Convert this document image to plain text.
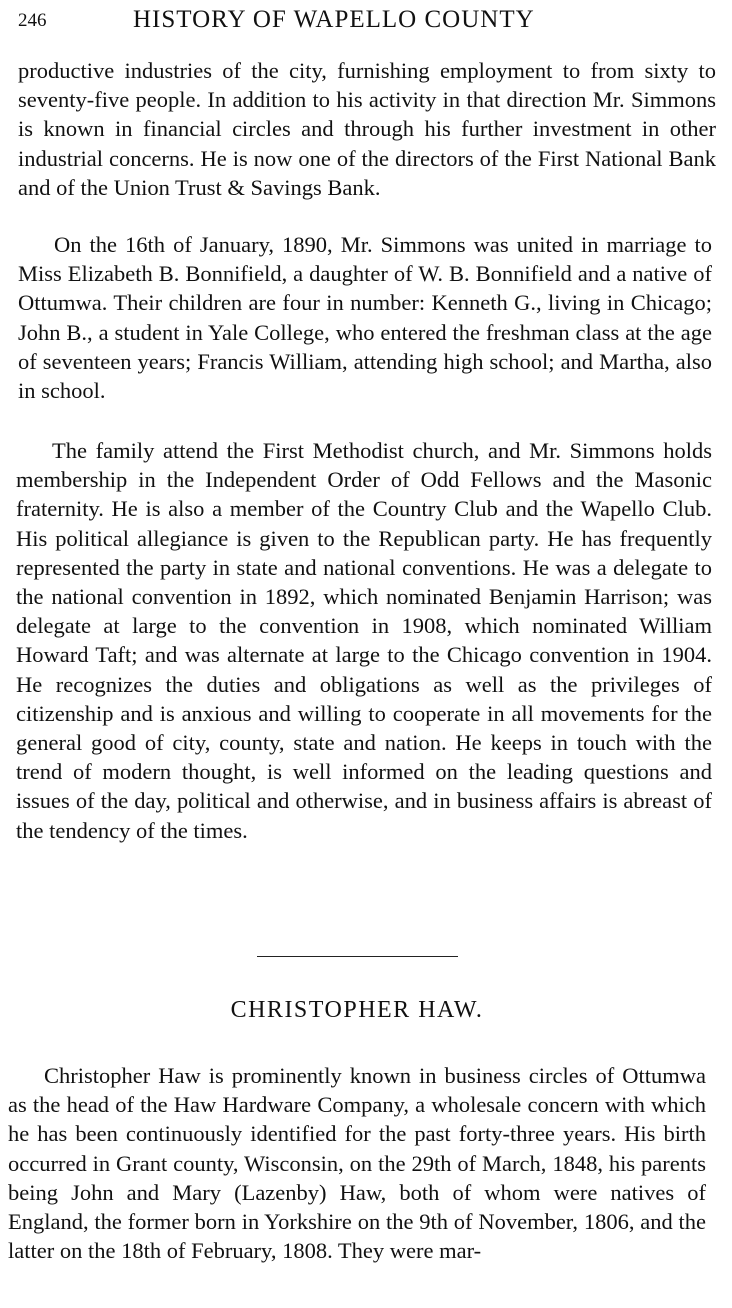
246	HISTORY OF WAPELLO COUNTY

productive industries of the city, furnishing employment to from sixty to seventy-five people. In addition to his activity in that direction Mr. Simmons is known in financial circles and through his further investment in other industrial concerns. He is now one of the directors of the First National Bank and of the Union Trust & Savings Bank.

On the 16th of January, 1890, Mr. Simmons was united in marriage to Miss Elizabeth B. Bonnifield, a daughter of W. B. Bonnifield and a native of Ottumwa. Their children are four in number: Kenneth G., living in Chicago; John B., a student in Yale College, who entered the freshman class at the age of seventeen years; Francis William, attending high school; and Martha, also in school.

The family attend the First Methodist church, and Mr. Simmons holds membership in the Independent Order of Odd Fellows and the Masonic fraternity. He is also a member of the Country Club and the Wapello Club. His political allegiance is given to the Republican party. He has frequently represented the party in state and national conventions. He was a delegate to the national convention in 1892, which nominated Benjamin Harrison; was delegate at large to the convention in 1908, which nominated William Howard Taft; and was alternate at large to the Chicago convention in 1904. He recognizes the duties and obligations as well as the privileges of citizenship and is anxious and willing to cooperate in all movements for the general good of city, county, state and nation. He keeps in touch with the trend of modern thought, is well informed on the leading questions and issues of the day, political and otherwise, and in business affairs is abreast of the tendency of the times.

CHRISTOPHER HAW.

Christopher Haw is prominently known in business circles of Ottumwa as the head of the Haw Hardware Company, a wholesale concern with which he has been continuously identified for the past forty-three years. His birth occurred in Grant county, Wisconsin, on the 29th of March, 1848, his parents being John and Mary (Lazenby) Haw, both of whom were natives of England, the former born in Yorkshire on the 9th of November, 1806, and the latter on the 18th of February, 1808. They were mar-
